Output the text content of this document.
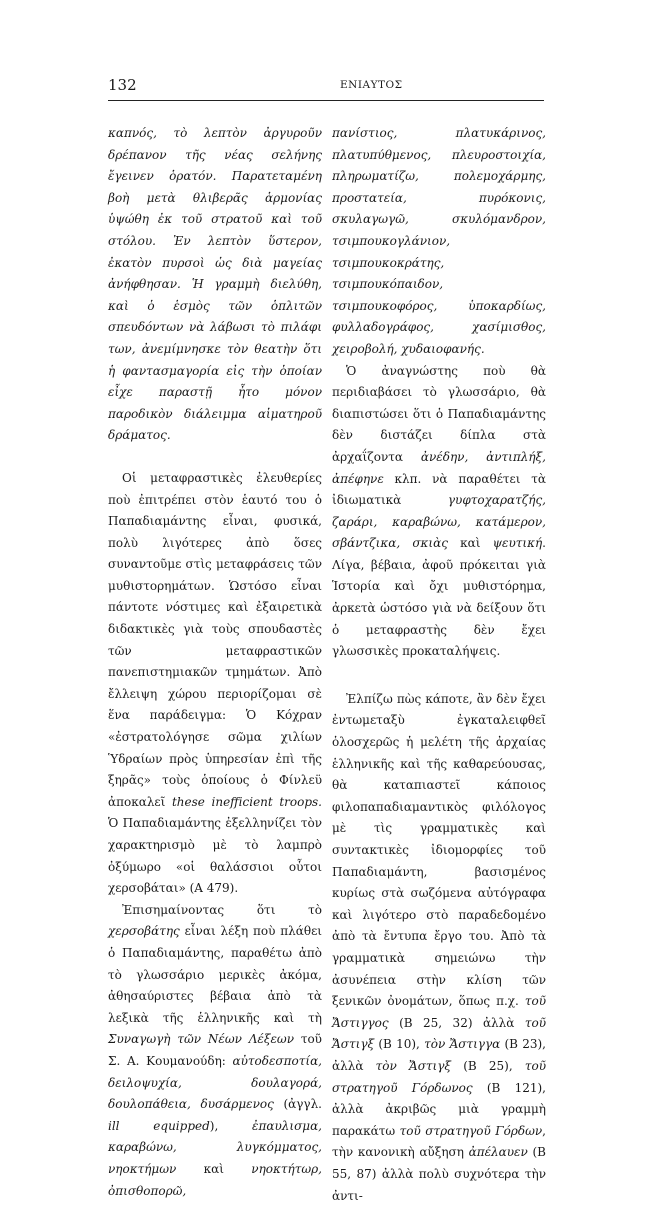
132	ΕΝΙΑΥΤΟΣ

καπνός, τὸ λεπτὸν ἀργυροῦν δρέπανον τῆς νέας σελήνης ἔγεινεν ὁρατόν. Παρατεταμένη βοὴ μετὰ θλιβερᾶς ἁρμονίας ὑψώθη ἐκ τοῦ στρατοῦ καὶ τοῦ στόλου. Ἐν λεπτὸν ὕστερον, ἐκατὸν πυρσοὶ ὡς διὰ μαγείας ἀνήφθησαν. Ἡ γραμμὴ διελύθη, καὶ ὁ ἑσμὸς τῶν ὁπλιτῶν σπευδόντων νὰ λάβωσι τὸ πιλάφι των, ἀνεμίμνησκε τὸν θεατὴν ὅτι ἡ φαντασμαγορία εἰς τὴν ὁποίαν εἶχε παραστῇ ἦτο μόνον παροδικὸν διάλειμμα αἱματηροῦ δράματος.

Οἱ μεταφραστικὲς ἐλευθερίες ποὺ ἐπιτρέπει στὸν ἑαυτό του ὁ Παπαδιαμάντης εἶναι, φυσικά, πολὺ λιγότερες ἀπὸ ὅσες συναντοῦμε στὶς μεταφράσεις τῶν μυθιστορημάτων. Ὡστόσο εἶναι πάντοτε νόστιμες καὶ ἐξαιρετικὰ διδακτικὲς γιὰ τοὺς σπουδαστὲς τῶν μεταφραστικῶν πανεπιστημιακῶν τμημάτων. Ἀπὸ ἔλλειψη χώρου περιορίζομαι σὲ ἕνα παράδειγμα: Ὁ Κόχραν «ἐστρατολόγησε σῶμα χιλίων Ὑδραίων πρὸς ὑπηρεσίαν ἐπὶ τῆς ξηρᾶς» τοὺς ὁποίους ὁ Φίνλεϋ ἀποκαλεῖ these inefficient troops. Ὁ Παπαδιαμάντης ἐξελληνίζει τὸν χαρακτηρισμὸ μὲ τὸ λαμπρὸ ὀξύμωρο «οἱ θαλάσσιοι οὗτοι χερσοβάται» (Α 479).

Ἐπισημαίνοντας ὅτι τὸ χερσοβάτης εἶναι λέξη ποὺ πλάθει ὁ Παπαδιαμάντης, παραθέτω ἀπὸ τὸ γλωσσάριο μερικὲς ἀκόμα, ἀθησαύριστες βέβαια ἀπὸ τὰ λεξικὰ τῆς ἑλληνικῆς καὶ τὴ Συναγωγὴ τῶν Νέων Λέξεων τοῦ Σ. Α. Κουμανούδη: αὐτοδεσποτία, δειλοψυχία, δουλαγορά, δουλοπάθεια, δυσάρμενος (ἀγγλ. ill equipped), ἐπαυλισμα, καραβώνω, λυγκόμματος, νηοκτήμων καὶ νηοκτήτωρ, ὀπισθοπορῶ,

πανίστιος, πλατυκάρινος, πλατυπύθμενος, πλευροστοιχία, πληρωματίζω, πολεμοχάρμης, προστατεία, πυρόκονις, σκυλαγωγῶ, σκυλόμανδρον, τσιμπουκογλάνιον, τσιμπουκοκράτης, τσιμπουκόπαιδον, τσιμπουκοφόρος, ὑποκαρδίως, φυλλαδογράφος, χασίμισθος, χειροβολή, χυδαιοφανής.

Ὁ ἀναγνώστης ποὺ θὰ περιδιαβάσει τὸ γλωσσάριο, θὰ διαπιστώσει ὅτι ὁ Παπαδιαμάντης δὲν διστάζει δίπλα στὰ ἀρχαΐζοντα ἀνέδην, ἀντιπλήξ, ἀπέφηνε κλπ. νὰ παραθέτει τὰ ἰδιωματικὰ γυφτοχαρατζής, ζαράρι, καραβώνω, κατάμερον, σβάντζικα, σκιὰς καὶ ψευτική. Λίγα, βέβαια, ἀφοῦ πρόκειται γιὰ Ἱστορία καὶ ὄχι μυθιστόρημα, ἀρκετὰ ὡστόσο γιὰ νὰ δείξουν ὅτι ὁ μεταφραστὴς δὲν ἔχει γλωσσικὲς προκαταλήψεις.

Ἐλπίζω πὼς κάποτε, ἂν δὲν ἔχει ἐντωμεταξὺ ἐγκαταλειφθεῖ ὁλοσχερῶς ἡ μελέτη τῆς ἀρχαίας ἑλληνικῆς καὶ τῆς καθαρεύουσας, θὰ καταπιαστεῖ κάποιος φιλοπαπαδιαμαντικὸς φιλόλογος μὲ τὶς γραμματικὲς καὶ συντακτικὲς ἰδιομορφίες τοῦ Παπαδιαμάντη, βασισμένος κυρίως στὰ σωζόμενα αὐτόγραφα καὶ λιγότερο στὸ παραδεδομένο ἀπὸ τὰ ἔντυπα ἔργο του. Ἀπὸ τὰ γραμματικὰ σημειώνω τὴν ἀσυνέπεια στὴν κλίση τῶν ξενικῶν ὀνομάτων, ὅπως π.χ. τοῦ Ἄστιγγος (Β 25, 32) ἀλλὰ τοῦ Ἄστιγξ (Β 10), τὸν Ἄστιγγα (Β 23), ἀλλὰ τὸν Ἄστιγξ (Β 25), τοῦ στρατηγοῦ Γόρδωνος (Β 121), ἀλλὰ ἀκριβῶς μιὰ γραμμὴ παρακάτω τοῦ στρατηγοῦ Γόρδων, τὴν κανονικὴ αὔξηση ἀπέλαυεν (Β 55, 87) ἀλλὰ πολὺ συχνότερα τὴν ἀντι-
